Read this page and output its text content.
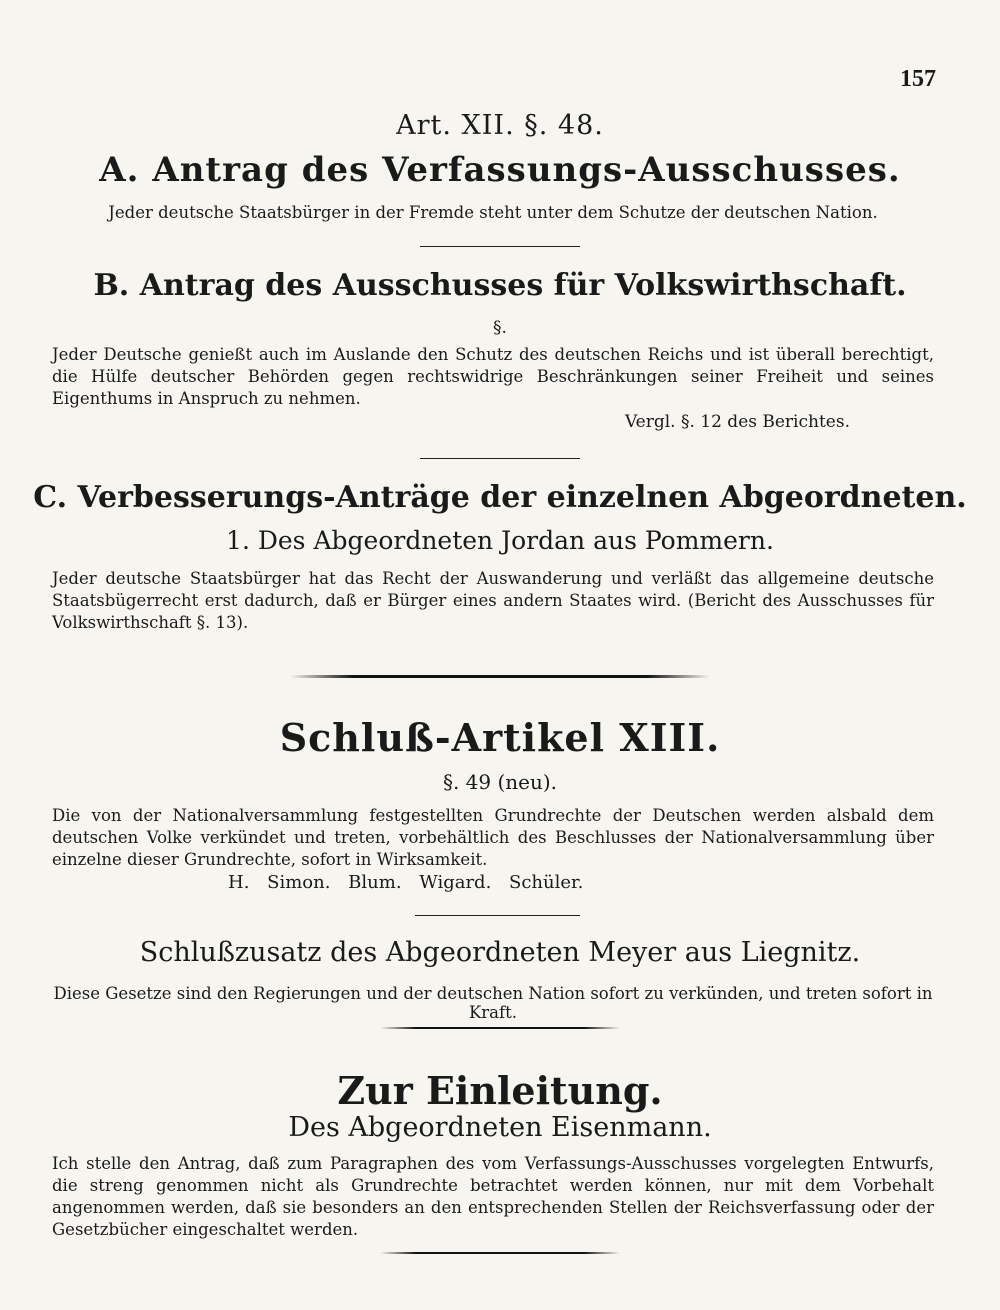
157
Art. XII. §. 48.
A. Antrag des Verfassungs-Ausschusses.
Jeder deutsche Staatsbürger in der Fremde steht unter dem Schutze der deutschen Nation.
B. Antrag des Ausschusses für Volkswirthschaft.
§.
Jeder Deutsche genießt auch im Auslande den Schutz des deutschen Reichs und ist überall berechtigt, die Hülfe deutscher Behörden gegen rechtswidrige Beschränkungen seiner Freiheit und seines Eigenthums in Anspruch zu nehmen.
Vergl. §. 12 des Berichtes.
C. Verbesserungs-Anträge der einzelnen Abgeordneten.
1. Des Abgeordneten Jordan aus Pommern.
Jeder deutsche Staatsbürger hat das Recht der Auswanderung und verläßt das allgemeine deutsche Staatsbügerrecht erst dadurch, daß er Bürger eines andern Staates wird. (Bericht des Ausschusses für Volkswirthschaft §. 13).
Schluß-Artikel XIII.
§. 49 (neu).
Die von der Nationalversammlung festgestellten Grundrechte der Deutschen werden alsbald dem deutschen Volke verkündet und treten, vorbehältlich des Beschlusses der Nationalversammlung über einzelne dieser Grundrechte, sofort in Wirksamkeit.
H. Simon. Blum. Wigard. Schüler.
Schlußzusatz des Abgeordneten Meyer aus Liegnitz.
Diese Gesetze sind den Regierungen und der deutschen Nation sofort zu verkünden, und treten sofort in Kraft.
Zur Einleitung.
Des Abgeordneten Eisenmann.
Ich stelle den Antrag, daß zum Paragraphen des vom Verfassungs-Ausschusses vorgelegten Entwurfs, die streng genommen nicht als Grundrechte betrachtet werden können, nur mit dem Vorbehalt angenommen werden, daß sie besonders an den entsprechenden Stellen der Reichsverfassung oder der Gesetzbücher eingeschaltet werden.
